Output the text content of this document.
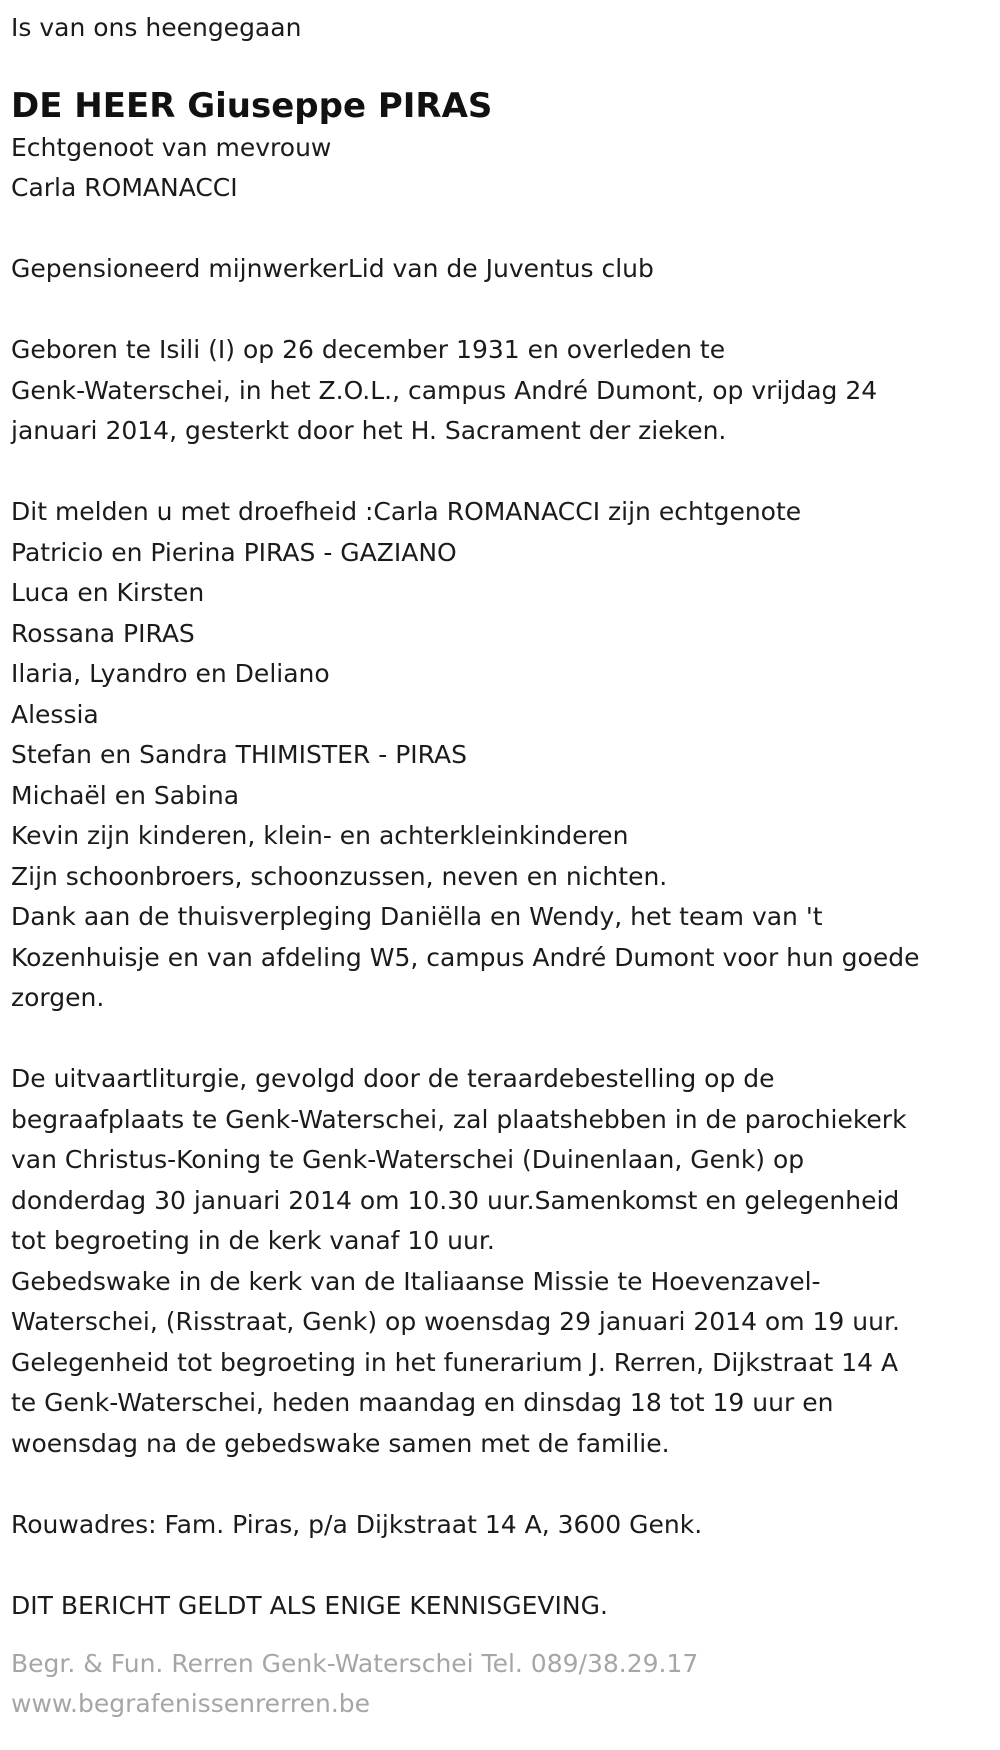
Is van ons heengegaan
DE HEER Giuseppe PIRAS
Echtgenoot van mevrouw
Carla ROMANACCI
Gepensioneerd mijnwerkerLid van de Juventus club
Geboren te Isili (I) op 26 december 1931 en overleden te
Genk-Waterschei, in het Z.O.L., campus André Dumont, op vrijdag 24
januari 2014, gesterkt door het H. Sacrament der zieken.
Dit melden u met droefheid :Carla ROMANACCI zijn echtgenote
Patricio en Pierina PIRAS - GAZIANO
Luca en Kirsten
Rossana PIRAS
Ilaria, Lyandro en Deliano
Alessia
Stefan en Sandra THIMISTER - PIRAS
Michaël en Sabina
Kevin zijn kinderen, klein- en achterkleinkinderen
Zijn schoonbroers, schoonzussen, neven en nichten.
Dank aan de thuisverpleging Daniëlla en Wendy, het team van 't
Kozenhuisje en van afdeling W5, campus André Dumont voor hun goede
zorgen.
De uitvaartliturgie, gevolgd door de teraardebestelling op de
begraafplaats te Genk-Waterschei, zal plaatshebben in de parochiekerk
van Christus-Koning te Genk-Waterschei (Duinenlaan, Genk) op
donderdag 30 januari 2014 om 10.30 uur.Samenkomst en gelegenheid
tot begroeting in de kerk vanaf 10 uur.
Gebedswake in de kerk van de Italiaanse Missie te Hoevenzavel-
Waterschei, (Risstraat, Genk) op woensdag 29 januari 2014 om 19 uur.
Gelegenheid tot begroeting in het funerarium J. Rerren, Dijkstraat 14 A
te Genk-Waterschei, heden maandag en dinsdag 18 tot 19 uur en
woensdag na de gebedswake samen met de familie.
Rouwadres: Fam. Piras, p/a Dijkstraat 14 A, 3600 Genk.
DIT BERICHT GELDT ALS ENIGE KENNISGEVING.
Begr. & Fun. Rerren Genk-Waterschei Tel. 089/38.29.17
www.begrafenissenrerren.be
